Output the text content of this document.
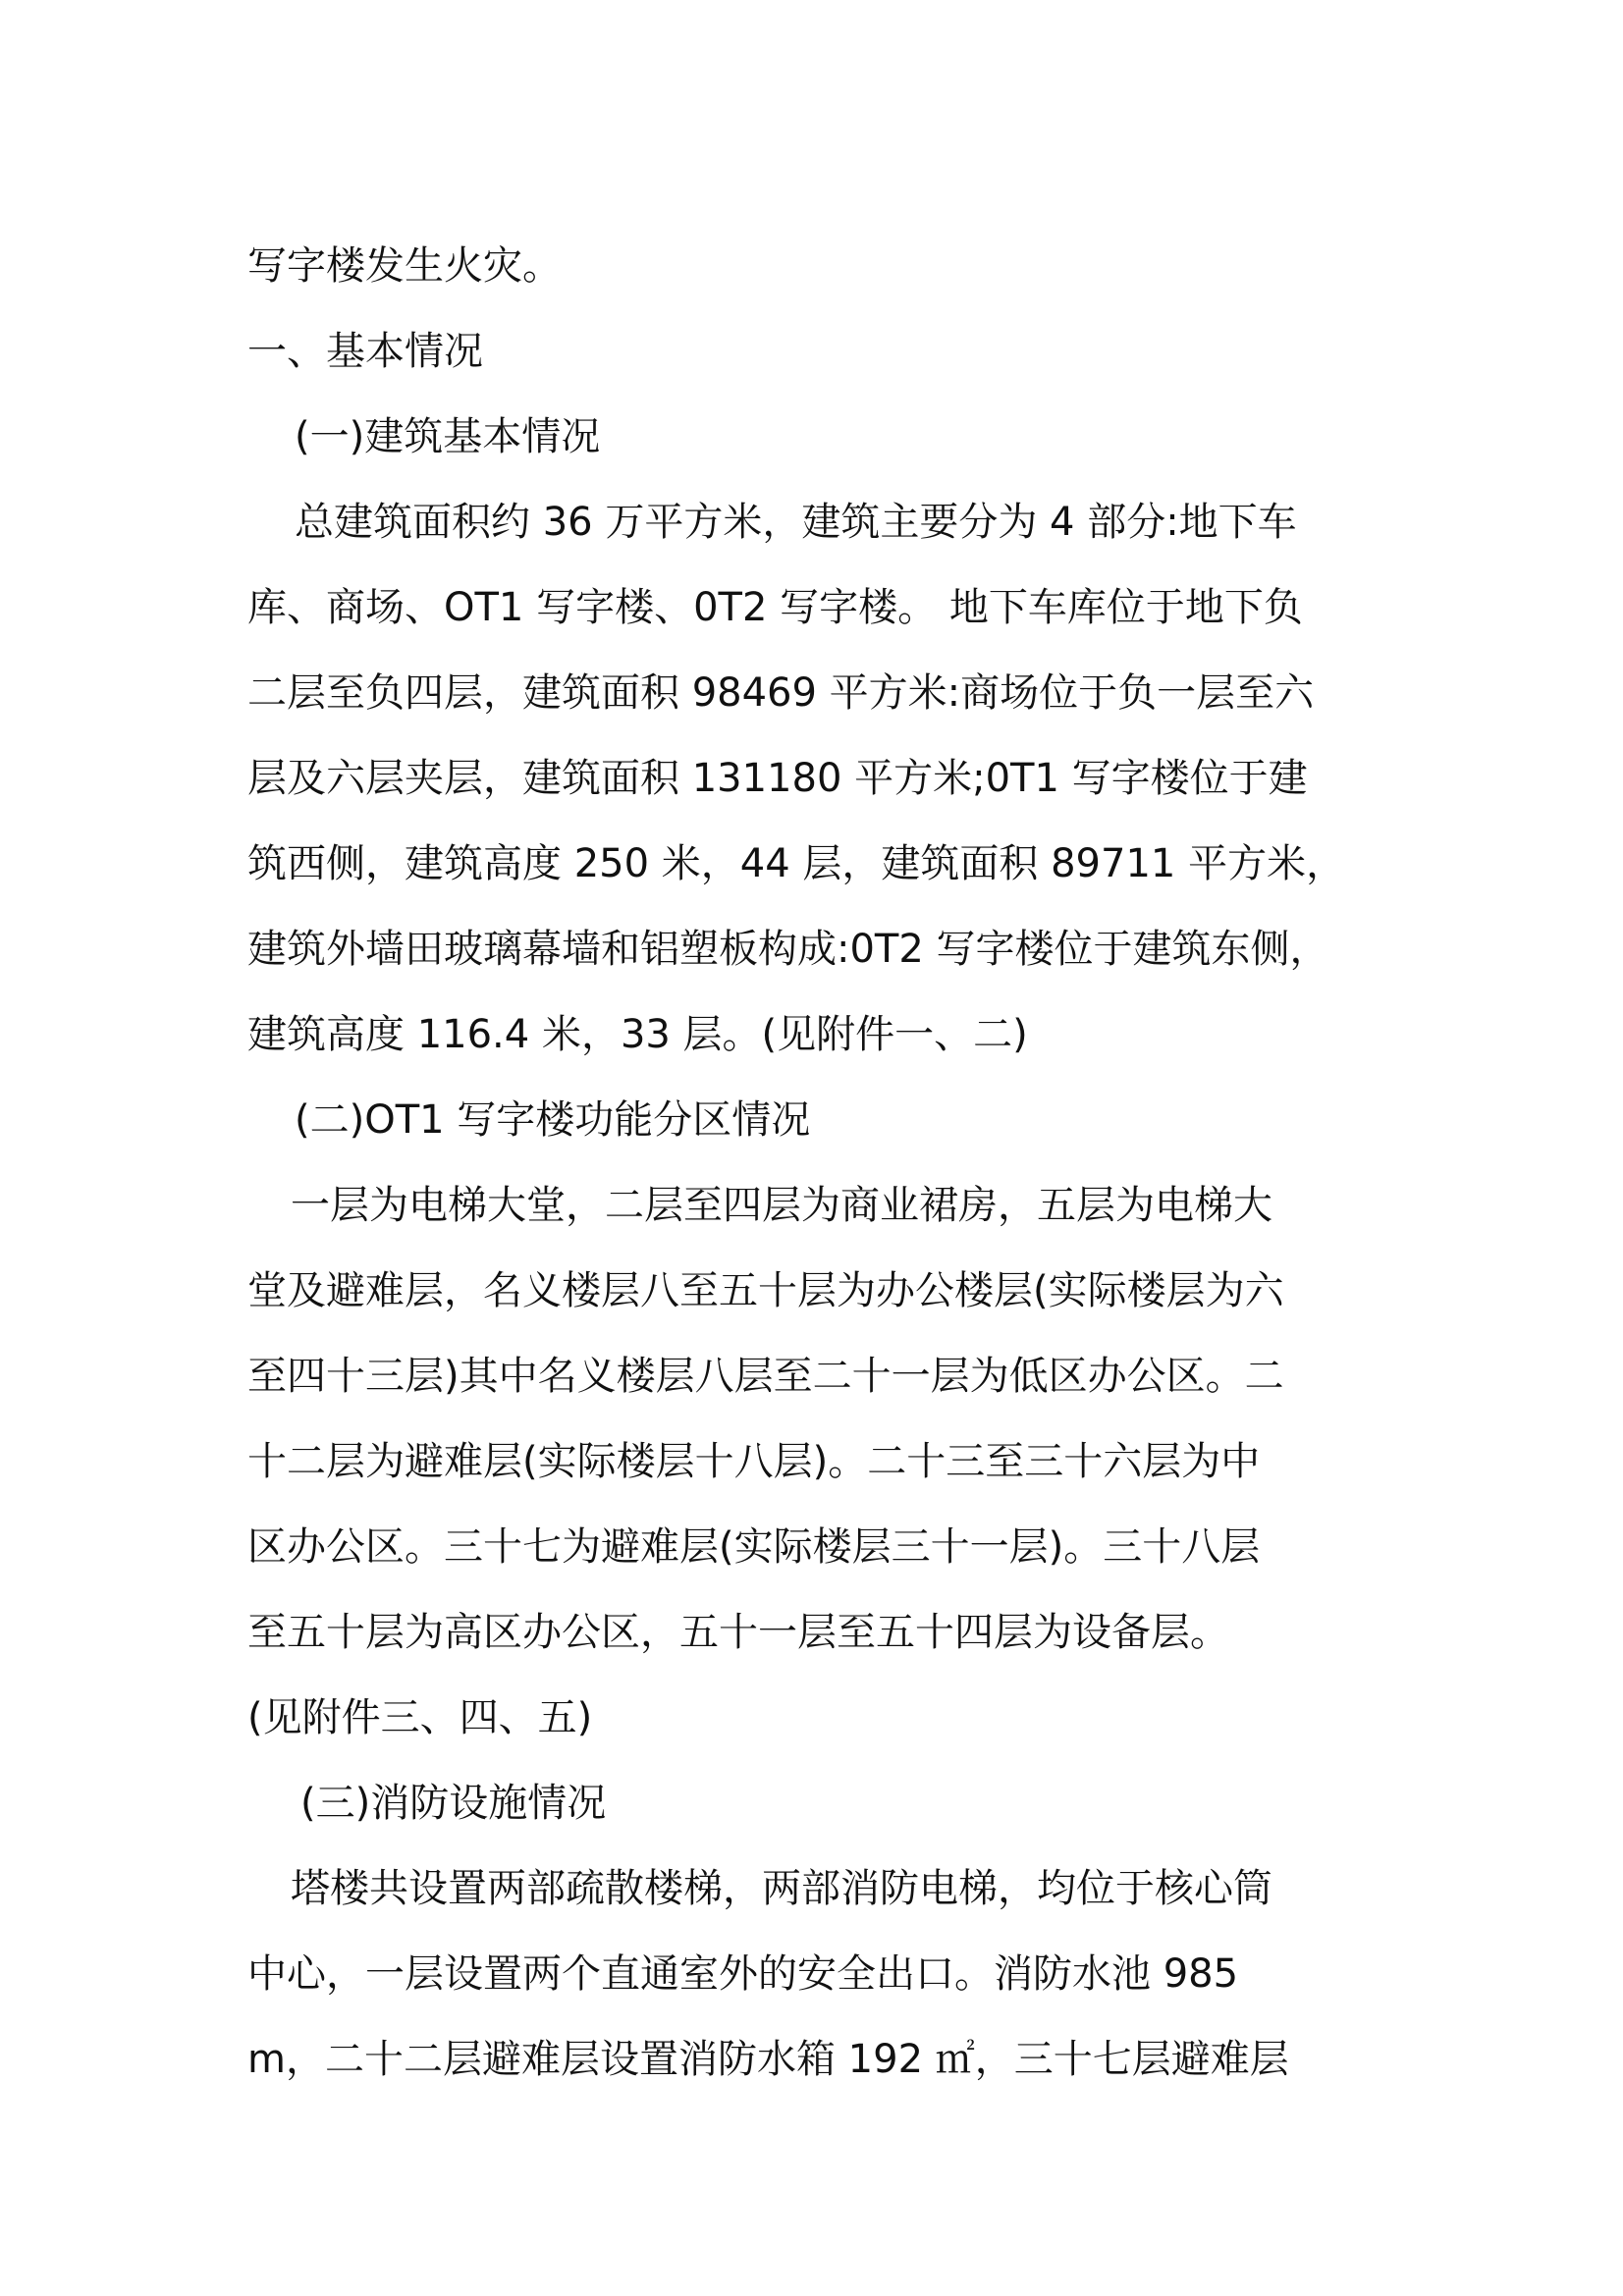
写字楼发生火灾。
一、基本情况
(一)建筑基本情况
总建筑面积约 36 万平方米，建筑主要分为 4 部分:地下车
库、商场、OT1 写字楼、0T2 写字楼。 地下车库位于地下负
二层至负四层，建筑面积 98469 平方米:商场位于负一层至六
层及六层夹层，建筑面积 131180 平方米;0T1 写字楼位于建
筑西侧，建筑高度 250 米，44 层，建筑面积 89711 平方米，
建筑外墙田玻璃幕墙和铝塑板构成:0T2 写字楼位于建筑东侧，
建筑高度 116.4 米，33 层。(见附件一、二)
(二)OT1 写字楼功能分区情况
一层为电梯大堂，二层至四层为商业裙房，五层为电梯大
堂及避难层，名义楼层八至五十层为办公楼层(实际楼层为六
至四十三层)其中名义楼层八层至二十一层为低区办公区。二
十二层为避难层(实际楼层十八层)。二十三至三十六层为中
区办公区。三十七为避难层(实际楼层三十一层)。三十八层
至五十层为高区办公区，五十一层至五十四层为设备层。
(见附件三、四、五)
(三)消防设施情况
塔楼共设置两部疏散楼梯，两部消防电梯，均位于核心筒
中心，一层设置两个直通室外的安全出口。消防水池 985
m，二十二层避难层设置消防水箱 192 ㎡，三十七层避难层
